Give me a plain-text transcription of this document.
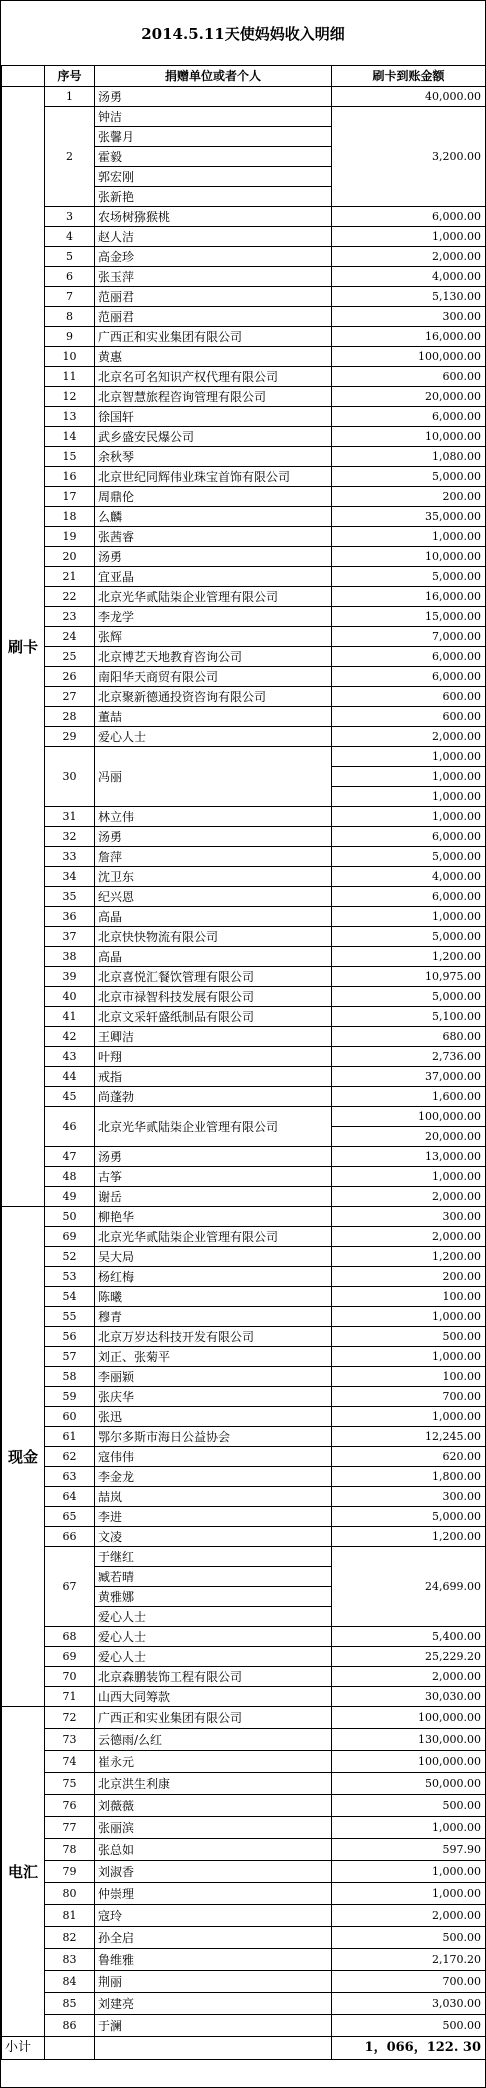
2014.5.11天使妈妈收入明细
	序号	捐赠单位或者个人	刷卡到账金额
刷卡	1	汤勇	40,000.00
	2	钟洁	3,200.00
		张馨月	
		霍毅	
		郭宏刚	
		张新艳	
	3	农场树猕猴桃	6,000.00
	4	赵人洁	1,000.00
	5	高金珍	2,000.00
	6	张玉萍	4,000.00
	7	范丽君	5,130.00
	8	范丽君	300.00
	9	广西正和实业集团有限公司	16,000.00
	10	黄惠	100,000.00
	11	北京名可名知识产权代理有限公司	600.00
	12	北京智慧旅程咨询管理有限公司	20,000.00
	13	徐国轩	6,000.00
	14	武乡盛安民爆公司	10,000.00
	15	余秋琴	1,080.00
	16	北京世纪同辉伟业珠宝首饰有限公司	5,000.00
	17	周鼎伦	200.00
	18	么麟	35,000.00
	19	张茜睿	1,000.00
	20	汤勇	10,000.00
	21	宜亚晶	5,000.00
	22	北京光华贰陆柒企业管理有限公司	16,000.00
	23	李龙学	15,000.00
	24	张辉	7,000.00
	25	北京博艺天地教育咨询公司	6,000.00
	26	南阳华天商贸有限公司	6,000.00
	27	北京聚新德通投资咨询有限公司	600.00
	28	董喆	600.00
	29	爱心人士	2,000.00
	30	冯丽	1,000.00
			1,000.00
			1,000.00
	31	林立伟	1,000.00
	32	汤勇	6,000.00
	33	詹萍	5,000.00
	34	沈卫东	4,000.00
	35	纪兴恩	6,000.00
	36	高晶	1,000.00
	37	北京快快物流有限公司	5,000.00
	38	高晶	1,200.00
	39	北京喜悦汇餐饮管理有限公司	10,975.00
	40	北京市禄智科技发展有限公司	5,000.00
	41	北京文采轩盛纸制品有限公司	5,100.00
	42	王卿洁	680.00
	43	叶翔	2,736.00
	44	戒指	37,000.00
	45	尚蓬勃	1,600.00
	46	北京光华贰陆柒企业管理有限公司	100,000.00
			20,000.00
	47	汤勇	13,000.00
	48	古筝	1,000.00
	49	谢岳	2,000.00
现金	50	柳艳华	300.00
	69	北京光华贰陆柒企业管理有限公司	2,000.00
	52	吴大局	1,200.00
	53	杨红梅	200.00
	54	陈曦	100.00
	55	穆青	1,000.00
	56	北京万岁达科技开发有限公司	500.00
	57	刘正、张菊平	1,000.00
	58	李丽颖	100.00
	59	张庆华	700.00
	60	张迅	1,000.00
	61	鄂尔多斯市海日公益协会	12,245.00
	62	寇伟伟	620.00
	63	李金龙	1,800.00
	64	喆岚	300.00
	65	李进	5,000.00
	66	文凌	1,200.00
	67	于继红	24,699.00
		臧若晴	
		黄雅娜	
		爱心人士	
	68	爱心人士	5,400.00
	69	爱心人士	25,229.20
	70	北京森鹏装饰工程有限公司	2,000.00
	71	山西大同筹款	30,030.00
电汇	72	广西正和实业集团有限公司	100,000.00
	73	云德雨/么红	130,000.00
	74	崔永元	100,000.00
	75	北京洪生利康	50,000.00
	76	刘薇薇	500.00
	77	张丽滨	1,000.00
	78	张总如	597.90
	79	刘淑香	1,000.00
	80	仲崇理	1,000.00
	81	寇玲	2,000.00
	82	孙全启	500.00
	83	鲁维雅	2,170.20
	84	荆丽	700.00
	85	刘建亮	3,030.00
	86	于澜	500.00
小计			1，066，122. 30
